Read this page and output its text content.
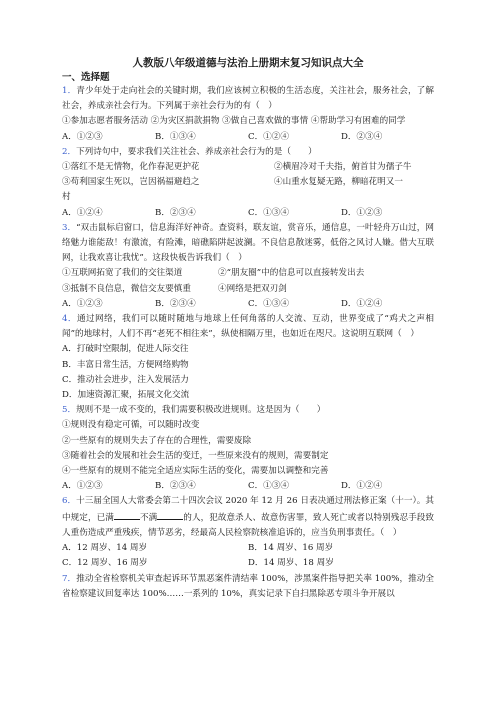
人教版八年级道德与法治上册期末复习知识点大全

一、选择题

1．青少年处于走向社会的关键时期，我们应该树立积极的生活态度，关注社会，服务社会，了解社会，养成亲社会行为。下列属于亲社会行为的有（　）

①参加志愿者服务活动 ②为灾区捐款捐物 ③做自己喜欢做的事情 ④帮助学习有困难的同学

A．①②③	B．①③④	C．①②④	D．②③④

2．下列诗句中，要求我们关注社会、养成亲社会行为的是（　　）

①落红不是无情物，化作春泥更护花	②横眉冷对千夫指，俯首甘为孺子牛
③苟利国家生死以，岂因祸福避趋之	④山重水复疑无路，柳暗花明又一

村

A．①②④	B．②③④	C．①③④	D．①②③

3．“双击鼠标启窗口，信息海洋好神奇。查资料，联友谊，赏音乐，通信息，一叶轻舟万山过，网络魅力谁能敌！有激流，有险滩，暗礁陷阱起波澜。不良信息散迷雾，低俗之风讨人嫌。借大互联网，让我欢喜让我忧”。这段快板告诉我们（　）

①互联网拓宽了我们的交往渠道	②“朋友圈”中的信息可以直接转发出去
③抵制不良信息，微信交友要慎重	④网络是把双刃剑
A．①②③	B．②③④	C．①③④	D．①②④

4．通过网络，我们可以随时随地与地球上任何角落的人交流、互动，世界变成了“鸡犬之声相闻”的地球村，人们不再“老死不相往来”，纵使相隔万里，也如近在咫尺。这说明互联网（　）

A．打破时空限制，促进人际交往

B．丰富日常生活，方便网络购物

C．推动社会进步，注入发展活力

D．加速资源汇聚，拓展文化交流

5．规则不是一成不变的，我们需要积极改进规则。这是因为（　　）

①规则没有稳定可循，可以随时改变

②一些原有的规则失去了存在的合理性，需要废除

③随着社会的发展和社会生活的变迁，一些原来没有的规则，需要制定

④一些原有的规则不能完全适应实际生活的变化，需要加以调整和完善

A．①②③	B．②③④	C．①③④	D．①②④

6．十三届全国人大常委会第二十四次会议 2020 年 12 月 26 日表决通过刑法修正案（十一）。其中规定，已满	不满	的人，犯故意杀人、故意伤害罪，致人死亡或者以特别残忍手段致人重伤造成严重残疾，情节恶劣，经最高人民检察院核准追诉的，应当负刑事责任。（　）

A．12 周岁、14 周岁	B．14 周岁、16 周岁
C．12 周岁、16 周岁	D．14 周岁、18 周岁

7．推动全省检察机关审查起诉环节黑恶案件清结率 100%，涉黑案件指导把关率 100%，推动全省检察建议回复率达 100%……一系列的 10%，真实记录下自扫黑除恶专项斗争开展以
